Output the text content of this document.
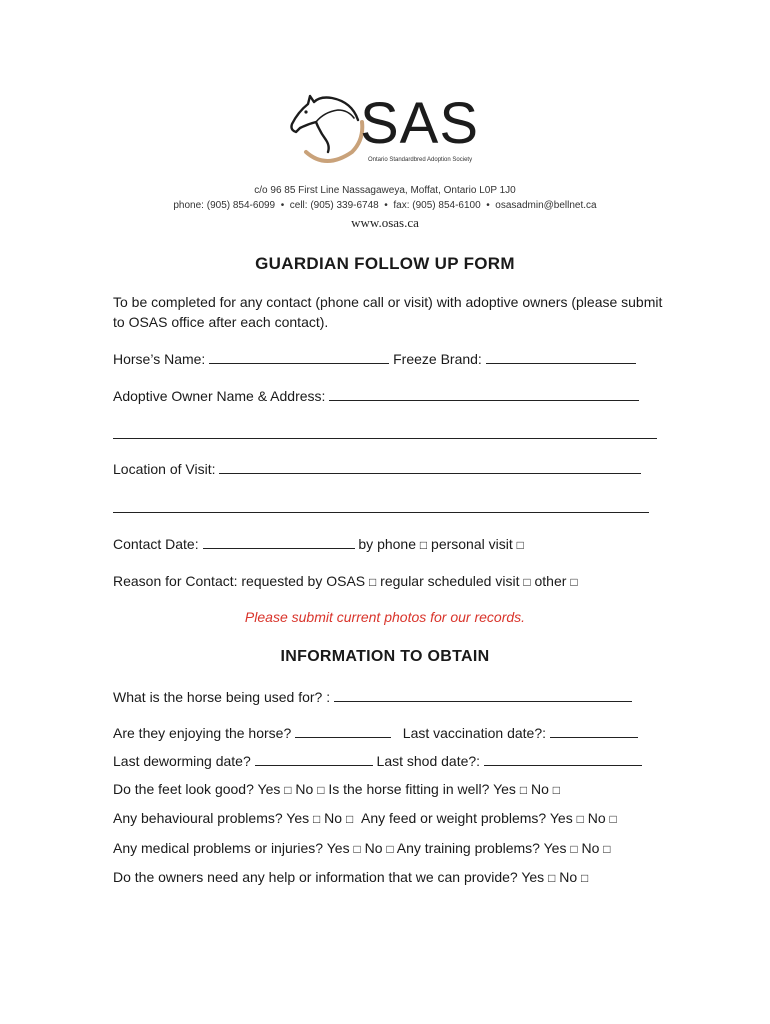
SAS
Ontario Standardbred Adoption Society
c/o 96 85 First Line Nassagaweya, Moffat, Ontario L0P 1J0
phone: (905) 854-6099 • cell: (905) 339-6748 • fax: (905) 854-6100 • osasadmin@bellnet.ca
www.osas.ca
GUARDIAN FOLLOW UP FORM
To be completed for any contact (phone call or visit) with adoptive owners (please submit to OSAS office after each contact).
Horse’s Name:	Freeze Brand:
Adoptive Owner Name & Address:
Location of Visit:
Contact Date:	by phone □ personal visit □
Reason for Contact: requested by OSAS □ regular scheduled visit □ other □
Please submit current photos for our records.
INFORMATION TO OBTAIN
What is the horse being used for? :
Are they enjoying the horse?	Last vaccination date?:
Last deworming date?	Last shod date?:
Do the feet look good? Yes □ No □ Is the horse fitting in well? Yes □ No □
Any behavioural problems? Yes □ No □ Any feed or weight problems? Yes □ No □
Any medical problems or injuries? Yes □ No □ Any training problems? Yes □ No □
Do the owners need any help or information that we can provide? Yes □ No □
